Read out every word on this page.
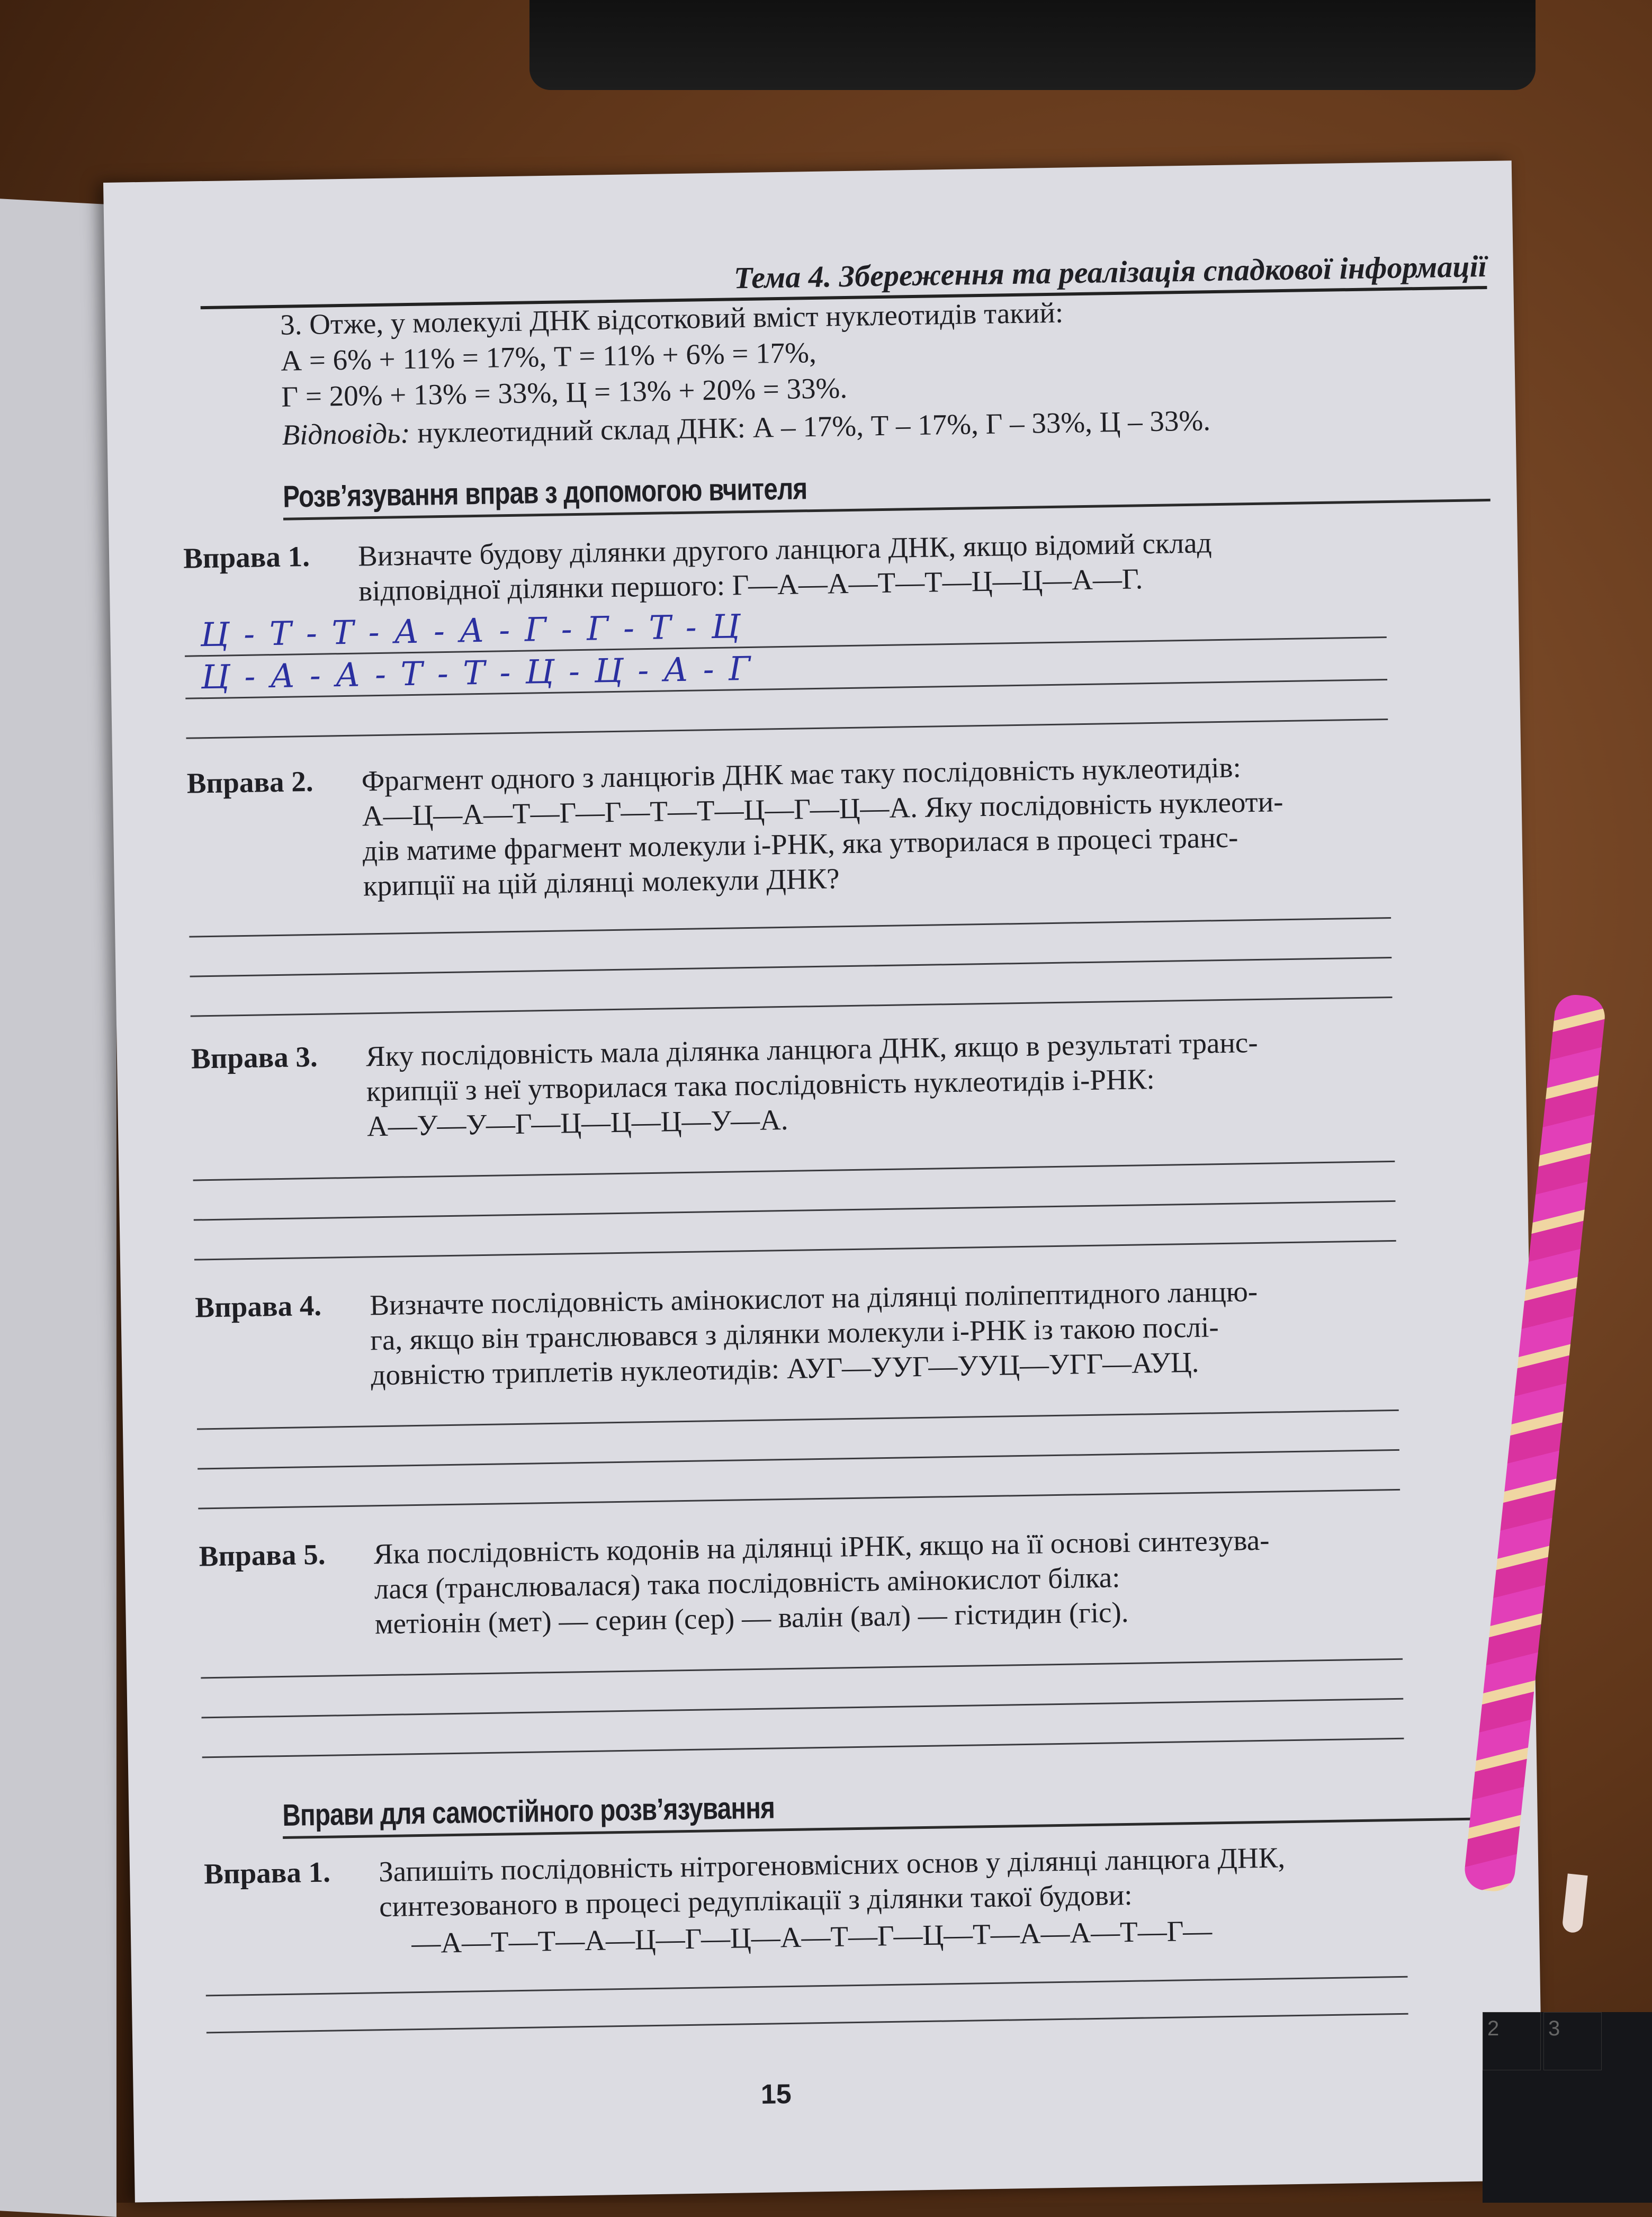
Тема 4. Збереження та реалізація спадкової інформації
3. Отже, у молекулі ДНК відсотковий вміст нуклеотидів такий:
А = 6% + 11% = 17%, Т = 11% + 6% = 17%,
Г = 20% + 13% = 33%, Ц = 13% + 20% = 33%.
Відповідь: нуклеотидний склад ДНК: А – 17%, Т – 17%, Г – 33%, Ц – 33%.
Розв’язування вправ з допомогою вчителя
Вправа 1. Визначте будову ділянки другого ланцюга ДНК, якщо відомий склад
відповідної ділянки першого: Г—А—А—Т—Т—Ц—Ц—А—Г.
Ц - Т - Т - А - А - Г - Г - Т - Ц
Ц - А - А - Т - Т - Ц - Ц - А - Г
Вправа 2. Фрагмент одного з ланцюгів ДНК має таку послідовність нуклеотидів:
А—Ц—А—Т—Г—Г—Т—Т—Ц—Г—Ц—А. Яку послідовність нуклеоти-
дів матиме фрагмент молекули і-РНК, яка утворилася в процесі транс-
крипції на цій ділянці молекули ДНК?
Вправа 3. Яку послідовність мала ділянка ланцюга ДНК, якщо в результаті транс-
крипції з неї утворилася така послідовність нуклеотидів і-РНК:
А—У—У—Г—Ц—Ц—Ц—У—А.
Вправа 4. Визначте послідовність амінокислот на ділянці поліпептидного ланцю-
га, якщо він транслювався з ділянки молекули і-РНК із такою послі-
довністю триплетів нуклеотидів: АУГ—УУГ—УУЦ—УГГ—АУЦ.
Вправа 5. Яка послідовність кодонів на ділянці іРНК, якщо на її основі синтезува-
лася (транслювалася) така послідовність амінокислот білка:
метіонін (мет) — серин (сер) — валін (вал) — гістидин (гіс).
Вправи для самостійного розв’язування
Вправа 1. Запишіть послідовність нітрогеновмісних основ у ділянці ланцюга ДНК,
синтезованого в процесі редуплікації з ділянки такої будови:
—А—Т—Т—А—Ц—Г—Ц—А—Т—Г—Ц—Т—А—А—Т—Г—
15
2	3
